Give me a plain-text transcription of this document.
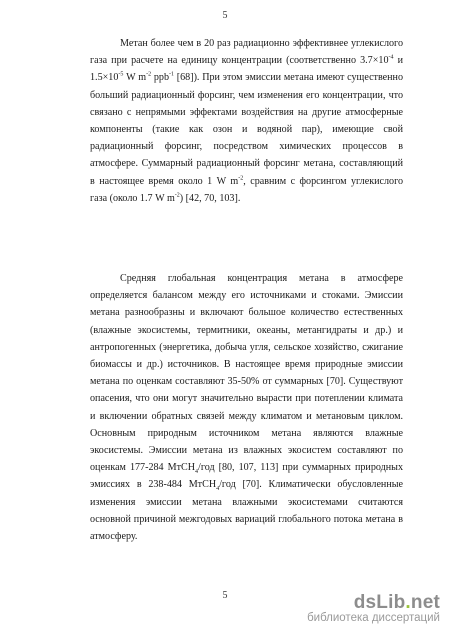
5

Метан более чем в 20 раз радиационно эффективнее углекислого газа при расчете на единицу концентрации (соответственно $3.7\times 10^{-4}$ и $1.5\times 10^{-5}$ W $m^{-2}$ ppb$^{-1}$ [68]). При этом эмиссии метана имеют существенно больший радиационный форсинг, чем изменения его концентрации, что связано с непрямыми эффектами воздействия на другие атмосферные компоненты (такие как озон и водяной пар), имеющие свой радиационный форсинг, посредством химических процессов в атмосфере. Суммарный радиационный форсинг метана, составляющий в настоящее время около 1 W $m^{-2}$, сравним с форсингом углекислого газа (около 1.7 W $m^{-2}$) [42, 70, 103].

Средняя глобальная концентрация метана в атмосфере определяется балансом между его источниками и стоками. Эмиссии метана разнообразны и включают большое количество естественных (влажные экосистемы, термитники, океаны, метангидраты и др.) и антропогенных (энергетика, добыча угля, сельское хозяйство, сжигание биомассы и др.) источников. В настоящее время природные эмиссии метана по оценкам составляют 35-50% от суммарных [70]. Существуют опасения, что они могут значительно вырасти при потеплении климата и включении обратных связей между климатом и метановым циклом. Основным природным источником метана являются влажные экосистемы. Эмиссии метана из влажных экосистем составляют по оценкам 177-284 МтСН$_4$/год [80, 107, 113] при суммарных природных эмиссиях в 238-484 МтСН$_4$/год [70]. Климатически обусловленные изменения эмиссии метана влажными экосистемами считаются основной причиной межгодовых вариаций глобального потока метана в атмосферу.

5	dsLib.net
библиотека диссертаций
